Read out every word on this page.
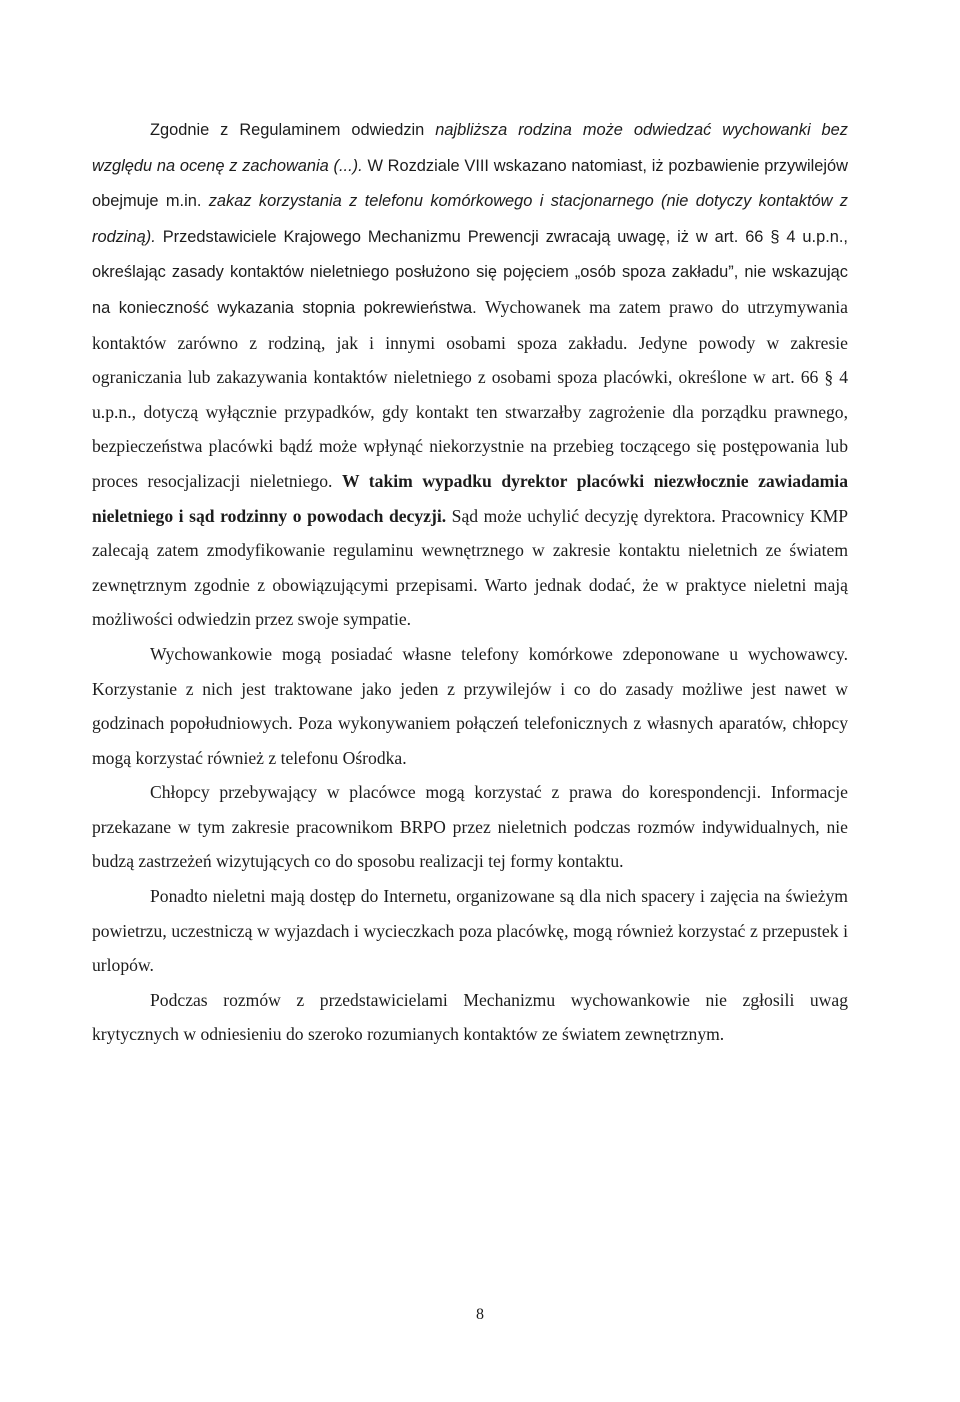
Zgodnie z Regulaminem odwiedzin najbliższa rodzina może odwiedzać wychowanki bez względu na ocenę z zachowania (...). W Rozdziale VIII wskazano natomiast, iż pozbawienie przywilejów obejmuje m.in. zakaz korzystania z telefonu komórkowego i stacjonarnego (nie dotyczy kontaktów z rodziną). Przedstawiciele Krajowego Mechanizmu Prewencji zwracają uwagę, iż w art. 66 § 4 u.p.n., określając zasady kontaktów nieletniego posłużono się pojęciem „osób spoza zakładu”, nie wskazując na konieczność wykazania stopnia pokrewieństwa. Wychowanek ma zatem prawo do utrzymywania kontaktów zarówno z rodziną, jak i innymi osobami spoza zakładu. Jedyne powody w zakresie ograniczania lub zakazywania kontaktów nieletniego z osobami spoza placówki, określone w art. 66 § 4 u.p.n., dotyczą wyłącznie przypadków, gdy kontakt ten stwarzałby zagrożenie dla porządku prawnego, bezpieczeństwa placówki bądź może wpłynąć niekorzystnie na przebieg toczącego się postępowania lub proces resocjalizacji nieletniego. W takim wypadku dyrektor placówki niezwłocznie zawiadamia nieletniego i sąd rodzinny o powodach decyzji. Sąd może uchylić decyzję dyrektora. Pracownicy KMP zalecają zatem zmodyfikowanie regulaminu wewnętrznego w zakresie kontaktu nieletnich ze światem zewnętrznym zgodnie z obowiązującymi przepisami. Warto jednak dodać, że w praktyce nieletni mają możliwości odwiedzin przez swoje sympatie.

Wychowankowie mogą posiadać własne telefony komórkowe zdeponowane u wychowawcy. Korzystanie z nich jest traktowane jako jeden z przywilejów i co do zasady możliwe jest nawet w godzinach popołudniowych. Poza wykonywaniem połączeń telefonicznych z własnych aparatów, chłopcy mogą korzystać również z telefonu Ośrodka.

Chłopcy przebywający w placówce mogą korzystać z prawa do korespondencji. Informacje przekazane w tym zakresie pracownikom BRPO przez nieletnich podczas rozmów indywidualnych, nie budzą zastrzeżeń wizytujących co do sposobu realizacji tej formy kontaktu.

Ponadto nieletni mają dostęp do Internetu, organizowane są dla nich spacery i zajęcia na świeżym powietrzu, uczestniczą w wyjazdach i wycieczkach poza placówkę, mogą również korzystać z przepustek i urlopów.

Podczas rozmów z przedstawicielami Mechanizmu wychowankowie nie zgłosili uwag krytycznych w odniesieniu do szeroko rozumianych kontaktów ze światem zewnętrznym.

8
